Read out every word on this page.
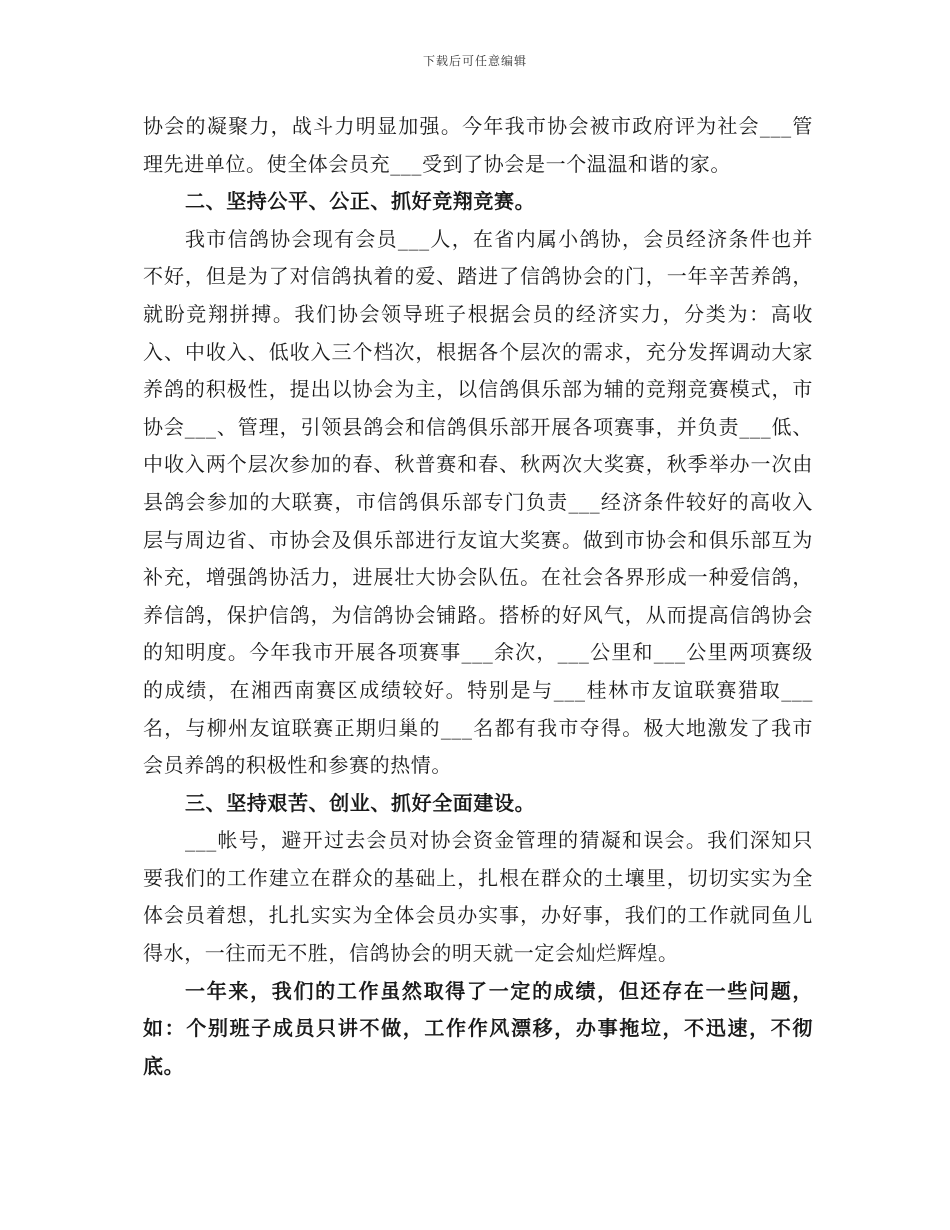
下载后可任意编辑

协会的凝聚力，战斗力明显加强。今年我市协会被市政府评为社会___管理先进单位。使全体会员充___受到了协会是一个温温和谐的家。

二、坚持公平、公正、抓好竞翔竞赛。

我市信鸽协会现有会员___人，在省内属小鸽协，会员经济条件也并不好，但是为了对信鸽执着的爱、踏进了信鸽协会的门，一年辛苦养鸽，就盼竞翔拼搏。我们协会领导班子根据会员的经济实力，分类为：高收入、中收入、低收入三个档次，根据各个层次的需求，充分发挥调动大家养鸽的积极性，提出以协会为主，以信鸽俱乐部为辅的竞翔竞赛模式，市协会___、管理，引领县鸽会和信鸽俱乐部开展各项赛事，并负责___低、中收入两个层次参加的春、秋普赛和春、秋两次大奖赛，秋季举办一次由县鸽会参加的大联赛，市信鸽俱乐部专门负责___经济条件较好的高收入层与周边省、市协会及俱乐部进行友谊大奖赛。做到市协会和俱乐部互为补充，增强鸽协活力，进展壮大协会队伍。在社会各界形成一种爱信鸽，养信鸽，保护信鸽，为信鸽协会铺路。搭桥的好风气，从而提高信鸽协会的知明度。今年我市开展各项赛事___余次，___公里和___公里两项赛级的成绩，在湘西南赛区成绩较好。特别是与___桂林市友谊联赛猎取___名，与柳州友谊联赛正期归巢的___名都有我市夺得。极大地激发了我市会员养鸽的积极性和参赛的热情。

三、坚持艰苦、创业、抓好全面建设。

___帐号，避开过去会员对协会资金管理的猜凝和误会。我们深知只要我们的工作建立在群众的基础上，扎根在群众的土壤里，切切实实为全体会员着想，扎扎实实为全体会员办实事，办好事，我们的工作就同鱼儿得水，一往而无不胜，信鸽协会的明天就一定会灿烂辉煌。

一年来，我们的工作虽然取得了一定的成绩，但还存在一些问题，如：个别班子成员只讲不做，工作作风漂移，办事拖垃，不迅速，不彻底。
